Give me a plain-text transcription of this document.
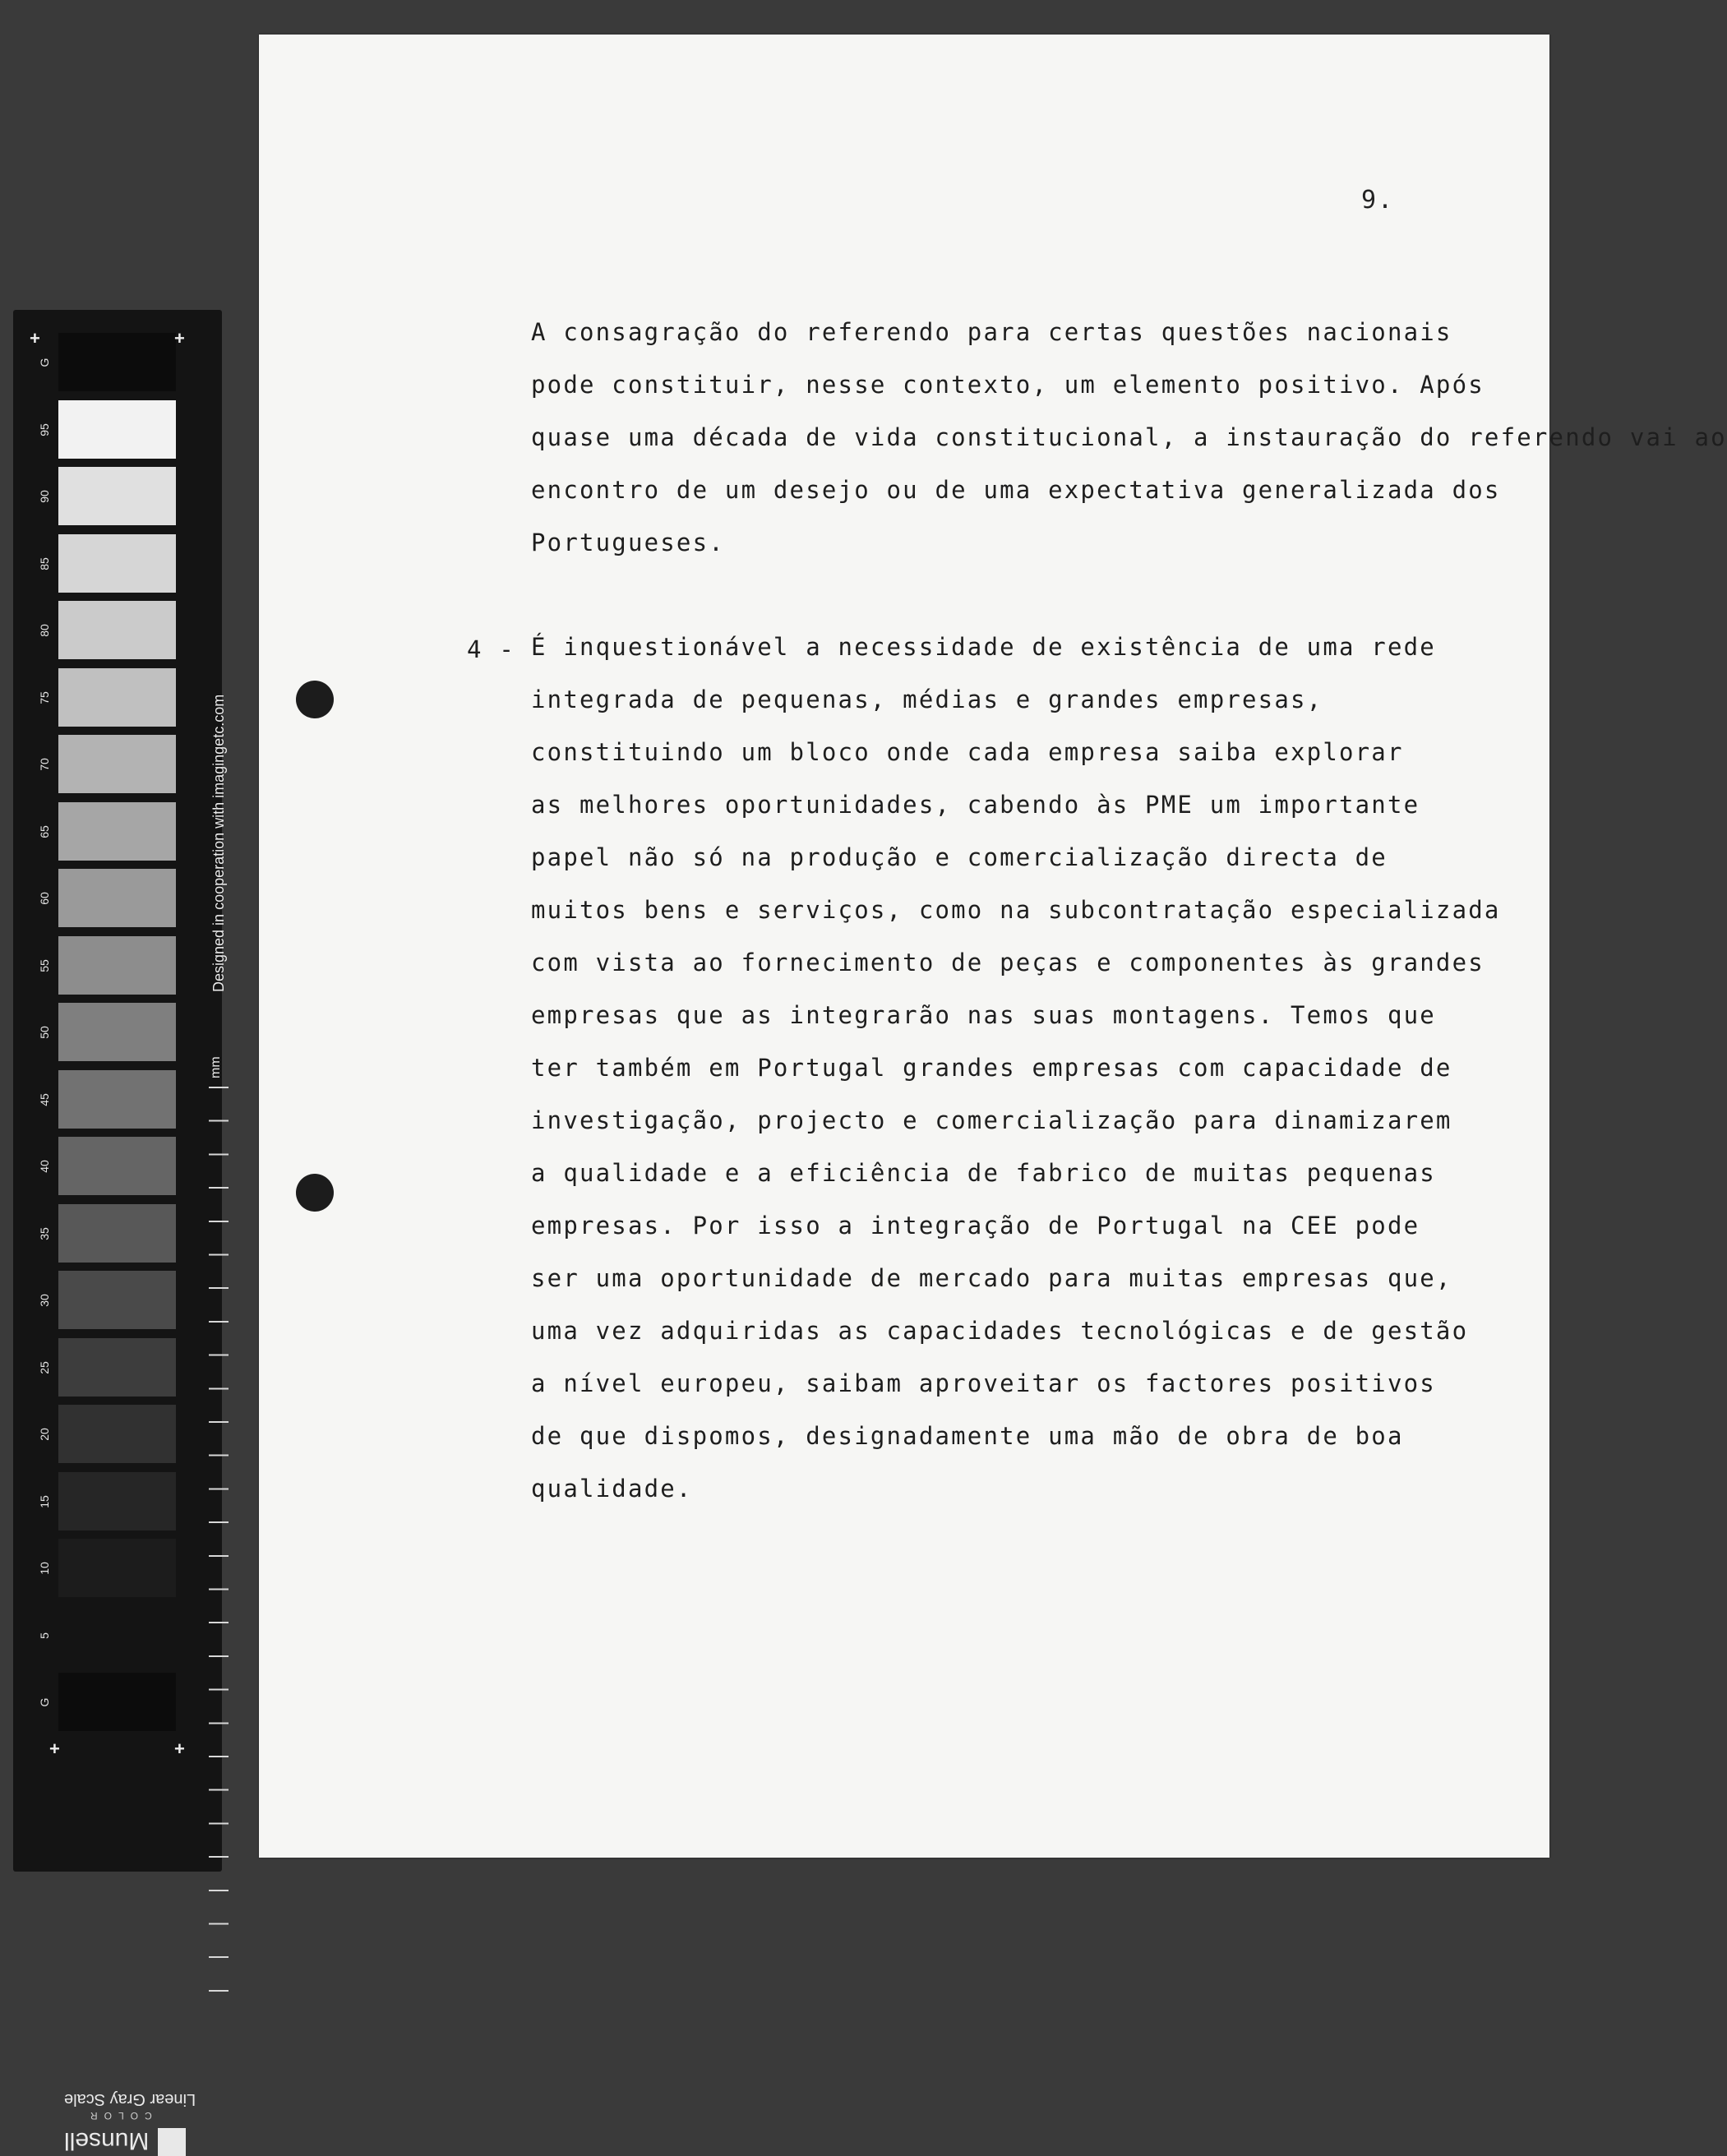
G
95
90
85
80
75
70
65
60
55
50
45
40
35
30
25
20
15
10
5
G
+	+
+	+
Designed in cooperation with imagingetc.com
mm
Linear Gray Scale
COLOR
Munsell
9.
A consagração do referendo para certas questões nacionais
pode constituir, nesse contexto, um elemento positivo. Após
quase uma década de vida constitucional, a instauração do referendo vai ao
encontro de um desejo ou de uma expectativa generalizada dos
Portugueses.
4 - É inquestionável a necessidade de existência de uma rede
integrada de pequenas, médias e grandes empresas,
constituindo um bloco onde cada empresa saiba explorar
as melhores oportunidades, cabendo às PME um importante
papel não só na produção e comercialização directa de
muitos bens e serviços, como na subcontratação especializada
com vista ao fornecimento de peças e componentes às grandes
empresas que as integrarão nas suas montagens. Temos que
ter também em Portugal grandes empresas com capacidade de
investigação, projecto e comercialização para dinamizarem
a qualidade e a eficiência de fabrico de muitas pequenas
empresas. Por isso a integração de Portugal na CEE pode
ser uma oportunidade de mercado para muitas empresas que,
uma vez adquiridas as capacidades tecnológicas e de gestão
a nível europeu, saibam aproveitar os factores positivos
de que dispomos, designadamente uma mão de obra de boa
qualidade.
